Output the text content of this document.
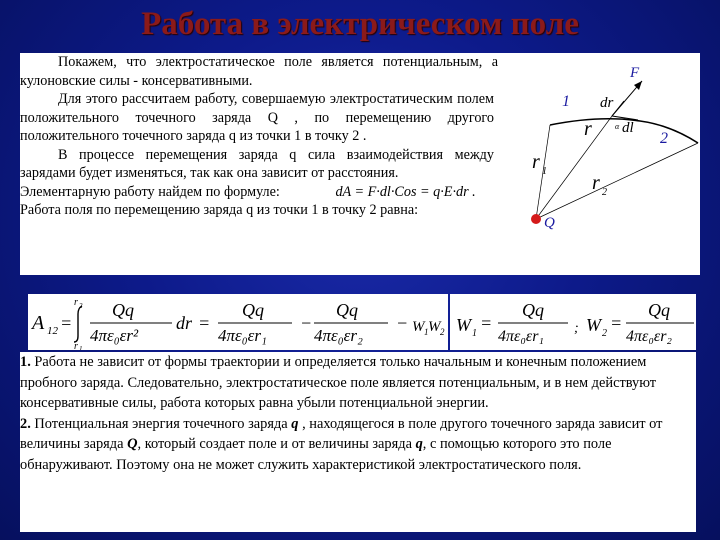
Работа в электрическом поле

Покажем, что электростатическое поле является потенциальным, а кулоновские силы - консервативными.

Для этого рассчитаем работу, совершаемую электростатическим полем положительного точечного заряда Q , по перемещению другого положительного точечного заряда q из точки 1 в точку 2 .

В процессе перемещения заряда q сила взаимодействия между зарядами будет изменяться, так как она зависит от расстояния.

Элементарную работу найдем по формуле:	dA = F·dl·Cos = q·E·dr .

Работа поля по перемещению заряда q из точки 1 в точку 2 равна:

Q
F
dr
dl
α
r
1
2
r 1
r 2
A 12 =
r 2
r 1
Qq
4πε₀εr²
dr =
Qq
4πε₀εr₁
−
Qq
4πε₀εr₂
− W 1 W 2 W 1
=
Qq
4πε₀εr₁ ; W 2
=
Qq
4πε₀εr₂

1. Работа не зависит от формы траектории и определяется только начальным и конечным положением пробного заряда. Следовательно, электростатическое поле является потенциальным, и в нем действуют консервативные силы, работа которых равна убыли потенциальной энергии.

2. Потенциальная энергия точечного заряда q , находящегося в поле другого точечного заряда зависит от величины заряда Q, который создает поле и от величины заряда q, с помощью которого это поле обнаруживают. Поэтому она не может служить характеристикой электростатического поля.
